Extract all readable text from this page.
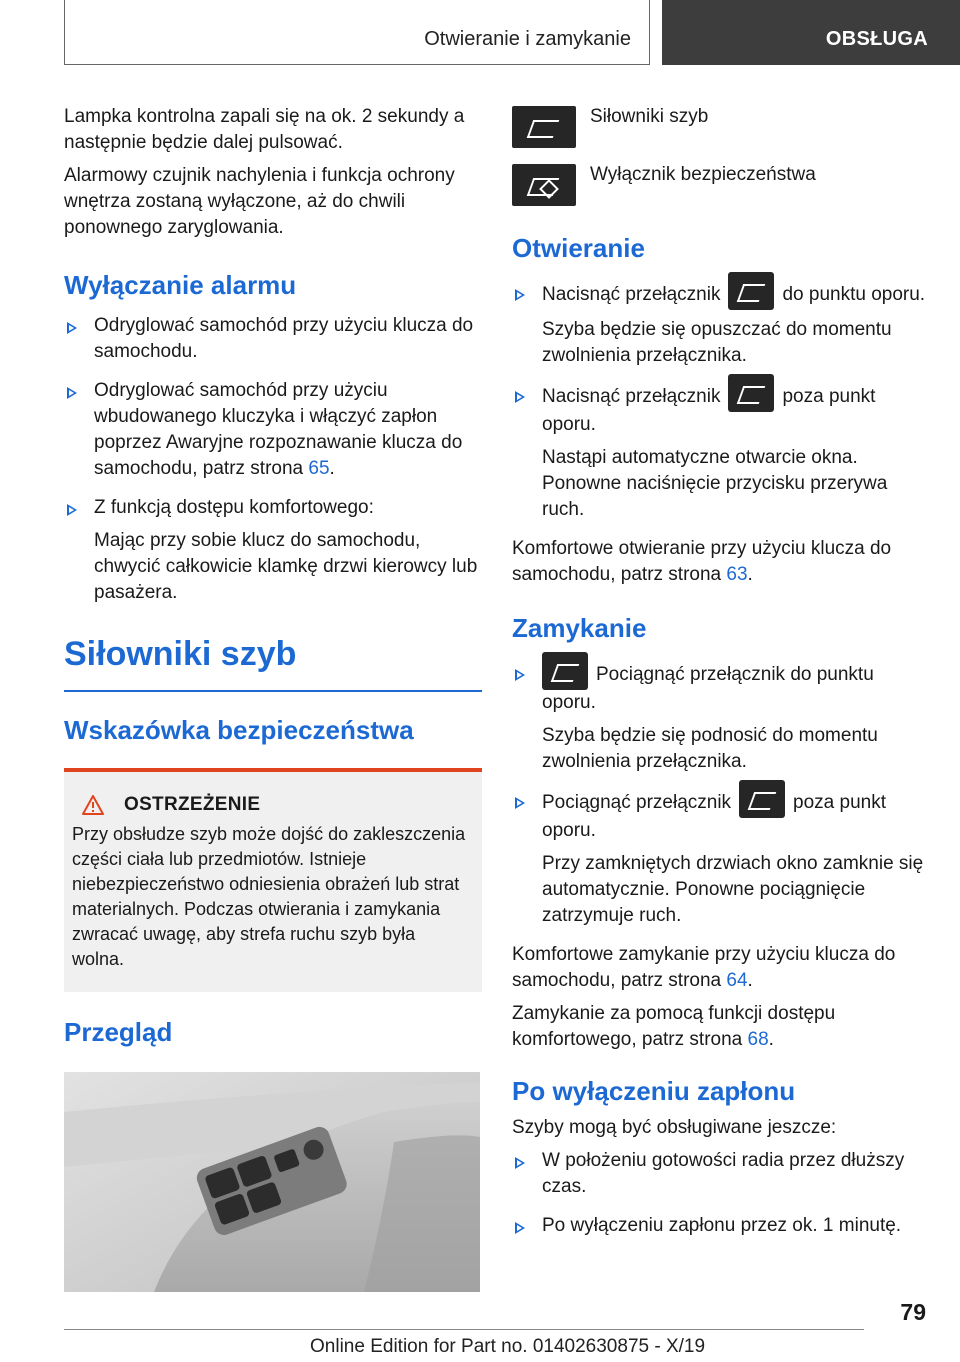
Otwieranie i zamykanie	OBSŁUGA

Lampka kontrolna zapali się na ok. 2 sekundy a następnie będzie dalej pulsować.

Alarmowy czujnik nachylenia i funkcja ochrony wnętrza zostaną wyłączone, aż do chwili ponownego zaryglowania.

Wyłączanie alarmu

Odryglować samochód przy użyciu klucza do samochodu.

Odryglować samochód przy użyciu wbudowanego kluczyka i włączyć zapłon poprzez Awaryjne rozpoznawanie klucza do samochodu, patrz strona 65.

Z funkcją dostępu komfortowego:

Mając przy sobie klucz do samochodu, chwycić całkowicie klamkę drzwi kierowcy lub pasażera.

Siłowniki szyb
Wskazówka bezpieczeństwa
OSTRZEŻENIE

Przy obsłudze szyb może dojść do zakleszczenia części ciała lub przedmiotów. Istnieje niebezpieczeństwo odniesienia obrażeń lub strat materialnych. Podczas otwierania i zamykania zwracać uwagę, aby strefa ruchu szyb była wolna.

Przegląd
Siłowniki szyb
Wyłącznik bezpieczeństwa
Otwieranie

Nacisnąć przełącznik	do punktu oporu.

Szyba będzie się opuszczać do momentu zwolnienia przełącznika.

Nacisnąć przełącznik	poza punkt oporu.

Nastąpi automatyczne otwarcie okna. Ponowne naciśnięcie przycisku przerywa ruch.

Komfortowe otwieranie przy użyciu klucza do samochodu, patrz strona 63.

Zamykanie

Pociągnąć przełącznik do punktu oporu.

Szyba będzie się podnosić do momentu zwolnienia przełącznika.

Pociągnąć przełącznik	poza punkt oporu.

Przy zamkniętych drzwiach okno zamknie się automatycznie. Ponowne pociągnięcie zatrzymuje ruch.

Komfortowe zamykanie przy użyciu klucza do samochodu, patrz strona 64.

Zamykanie za pomocą funkcji dostępu komfortowego, patrz strona 68.

Po wyłączeniu zapłonu

Szyby mogą być obsługiwane jeszcze:

W położeniu gotowości radia przez dłuższy czas.

Po wyłączeniu zapłonu przez ok. 1 minutę.

79
Online Edition for Part no. 01402630875 - X/19
